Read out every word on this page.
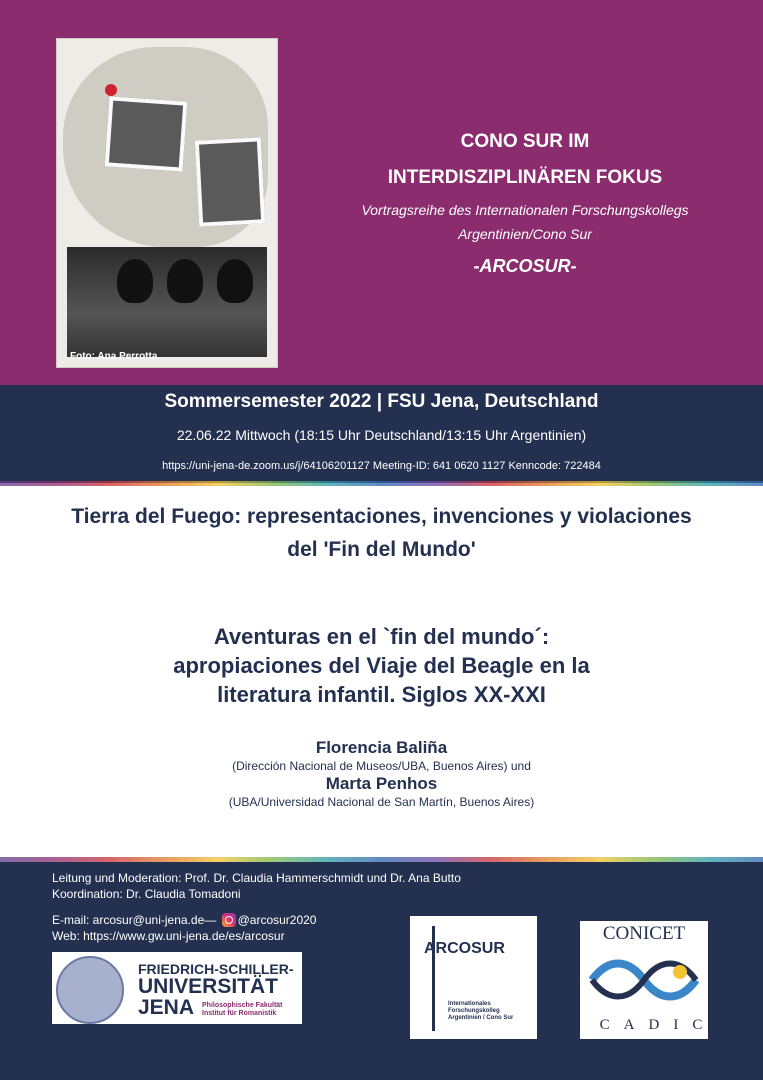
Foto: Ana Perrotta
CONO SUR IM
INTERDISZIPLINÄREN FOKUS
Vortragsreihe des Internationalen Forschungskollegs
Argentinien/Cono Sur
-ARCOSUR-
Sommersemester 2022 | FSU Jena, Deutschland
22.06.22 Mittwoch (18:15 Uhr Deutschland/13:15 Uhr Argentinien)
https://uni-jena-de.zoom.us/j/64106201127 Meeting-ID: 641 0620 1127 Kenncode: 722484
Tierra del Fuego: representaciones, invenciones y violaciones
del 'Fin del Mundo'
Aventuras en el `fin del mundo´:
apropiaciones del Viaje del Beagle en la
literatura infantil. Siglos XX-XXI
Florencia Baliña
(Dirección Nacional de Museos/UBA, Buenos Aires) und
Marta Penhos
(UBA/Universidad Nacional de San Martín, Buenos Aires)
Leitung und Moderation: Prof. Dr. Claudia Hammerschmidt und Dr. Ana Butto
Koordination: Dr. Claudia Tomadoni
E-mail: arcosur@uni-jena.de— @arcosur2020
Web: https://www.gw.uni-jena.de/es/arcosur
FRIEDRICH-SCHILLER-
UNIVERSITÄT
JENA	Philosophische Fakultät
Institut für Romanistik
ARCOSUR
Internationales
Forschungskolleg
Argentinien / Cono Sur
CONICET
CADIC
